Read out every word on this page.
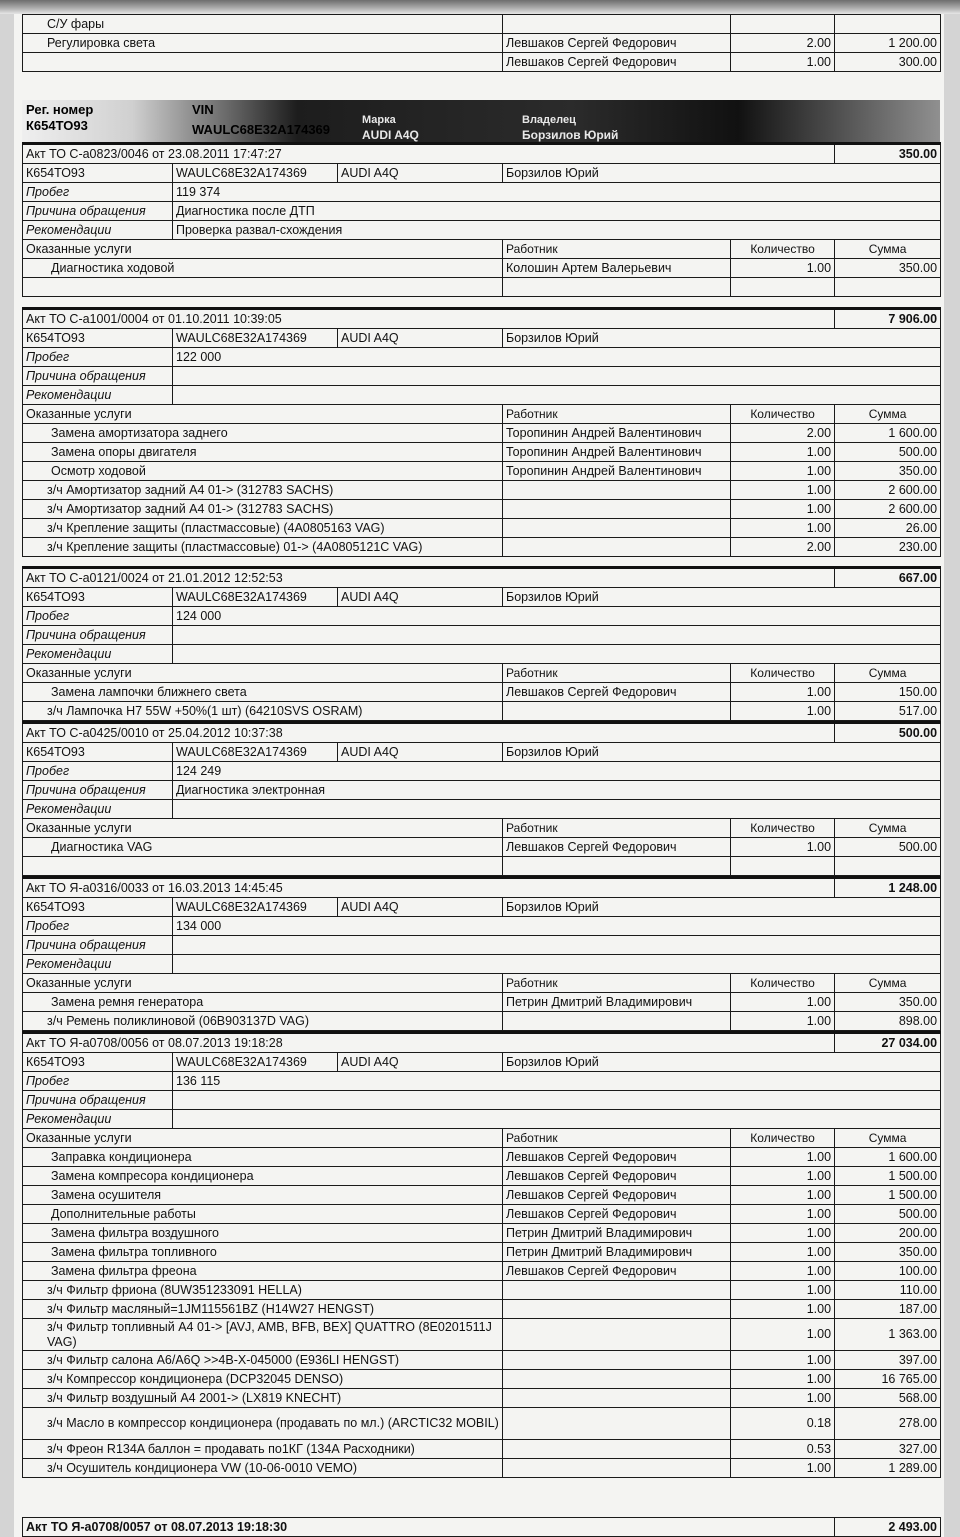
С/У фары			
Регулировка света	Левшаков Сергей Федорович	2.00	1 200.00
	Левшаков Сергей Федорович	1.00	300.00
Рег. номер	VIN
Марка	Владелец
К654ТО93	WAULC68E32A174369	AUDI A4Q	Борзилов Юрий
Акт ТО С-а0823/0046 от 23.08.2011 17:47:27					350.00
К654ТО93	WAULC68E32A174369	AUDI A4Q	Борзилов Юрий		
Пробег	119 374				
Причина обращения	Диагностика после ДТП				
Рекомендации	Проверка развал-схождения				
Оказанные услуги			Работник	Количество	Сумма
Диагностика ходовой			Колошин Артем Валерьевич	1.00	350.00

Акт ТО С-а1001/0004 от 01.10.2011 10:39:05					7 906.00
К654ТО93	WAULC68E32A174369	AUDI A4Q	Борзилов Юрий		
Пробег	122 000				
Причина обращения					
Рекомендации					
Оказанные услуги			Работник	Количество	Сумма
Замена амортизатора заднего			Торопинин Андрей Валентинович	2.00	1 600.00
Замена опоры двигателя			Торопинин Андрей Валентинович	1.00	500.00
Осмотр ходовой			Торопинин Андрей Валентинович	1.00	350.00
з/ч Амортизатор задний А4 01-> (312783 SACHS)				1.00	2 600.00
з/ч Амортизатор задний А4 01-> (312783 SACHS)				1.00	2 600.00
з/ч Крепление защиты (пластмассовые) (4A0805163 VAG)				1.00	26.00
з/ч Крепление защиты (пластмассовые) 01-> (4A0805121C VAG)				2.00	230.00
Акт ТО С-а0121/0024 от 21.01.2012 12:52:53					667.00
К654ТО93	WAULC68E32A174369	AUDI A4Q	Борзилов Юрий		
Пробег	124 000				
Причина обращения					
Рекомендации					
Оказанные услуги			Работник	Количество	Сумма
Замена лампочки ближнего света			Левшаков Сергей Федорович	1.00	150.00
з/ч Лампочка Н7 55W +50%(1 шт) (64210SVS OSRAM)				1.00	517.00
Акт ТО С-а0425/0010 от 25.04.2012 10:37:38					500.00
К654ТО93	WAULC68E32A174369	AUDI A4Q	Борзилов Юрий		
Пробег	124 249				
Причина обращения	Диагностика электронная				
Рекомендации					
Оказанные услуги			Работник	Количество	Сумма
Диагностика VAG			Левшаков Сергей Федорович	1.00	500.00

Акт ТО Я-а0316/0033 от 16.03.2013 14:45:45					1 248.00
К654ТО93	WAULC68E32A174369	AUDI A4Q	Борзилов Юрий		
Пробег	134 000				
Причина обращения					
Рекомендации					
Оказанные услуги			Работник	Количество	Сумма
Замена ремня генератора			Петрин Дмитрий Владимирович	1.00	350.00
з/ч Ремень поликлиновой (06B903137D VAG)				1.00	898.00
Акт ТО Я-а0708/0056 от 08.07.2013 19:18:28					27 034.00
К654ТО93	WAULC68E32A174369	AUDI A4Q	Борзилов Юрий		
Пробег	136 115				
Причина обращения					
Рекомендации					
Оказанные услуги			Работник	Количество	Сумма
Заправка кондиционера			Левшаков Сергей Федорович	1.00	1 600.00
Замена компресора кондиционера			Левшаков Сергей Федорович	1.00	1 500.00
Замена осушителя			Левшаков Сергей Федорович	1.00	1 500.00
Дополнительные работы			Левшаков Сергей Федорович	1.00	500.00
Замена фильтра воздушного			Петрин Дмитрий Владимирович	1.00	200.00
Замена фильтра топливного			Петрин Дмитрий Владимирович	1.00	350.00
Замена фильтра фреона			Левшаков Сергей Федорович	1.00	100.00
з/ч Фильтр фриона (8UW351233091 HELLA)				1.00	110.00
з/ч Фильтр масляный=1JM115561BZ (H14W27 HENGST)				1.00	187.00
з/ч Фильтр топливный А4 01-> [AVJ, AMB, BFB, BEX] QUATTRO (8E0201511J VAG)				1.00	1 363.00
з/ч Фильтр салона А6/А6Q >>4B-X-045000 (E936LI HENGST)				1.00	397.00
з/ч Компрессор кондиционера (DCP32045 DENSO)				1.00	16 765.00
з/ч Фильтр воздушный А4 2001-> (LX819 KNECHT)				1.00	568.00
з/ч Масло в компрессор кондиционера (продавать по мл.) (ARCTIC32 MOBIL)				0.18	278.00
з/ч Фреон R134A баллон = продавать по1КГ (134А Расходники)				0.53	327.00
з/ч Осушитель кондиционера VW (10-06-0010 VEMO)				1.00	1 289.00
Акт ТО Я-а0708/0057 от 08.07.2013 19:18:30	2 493.00
